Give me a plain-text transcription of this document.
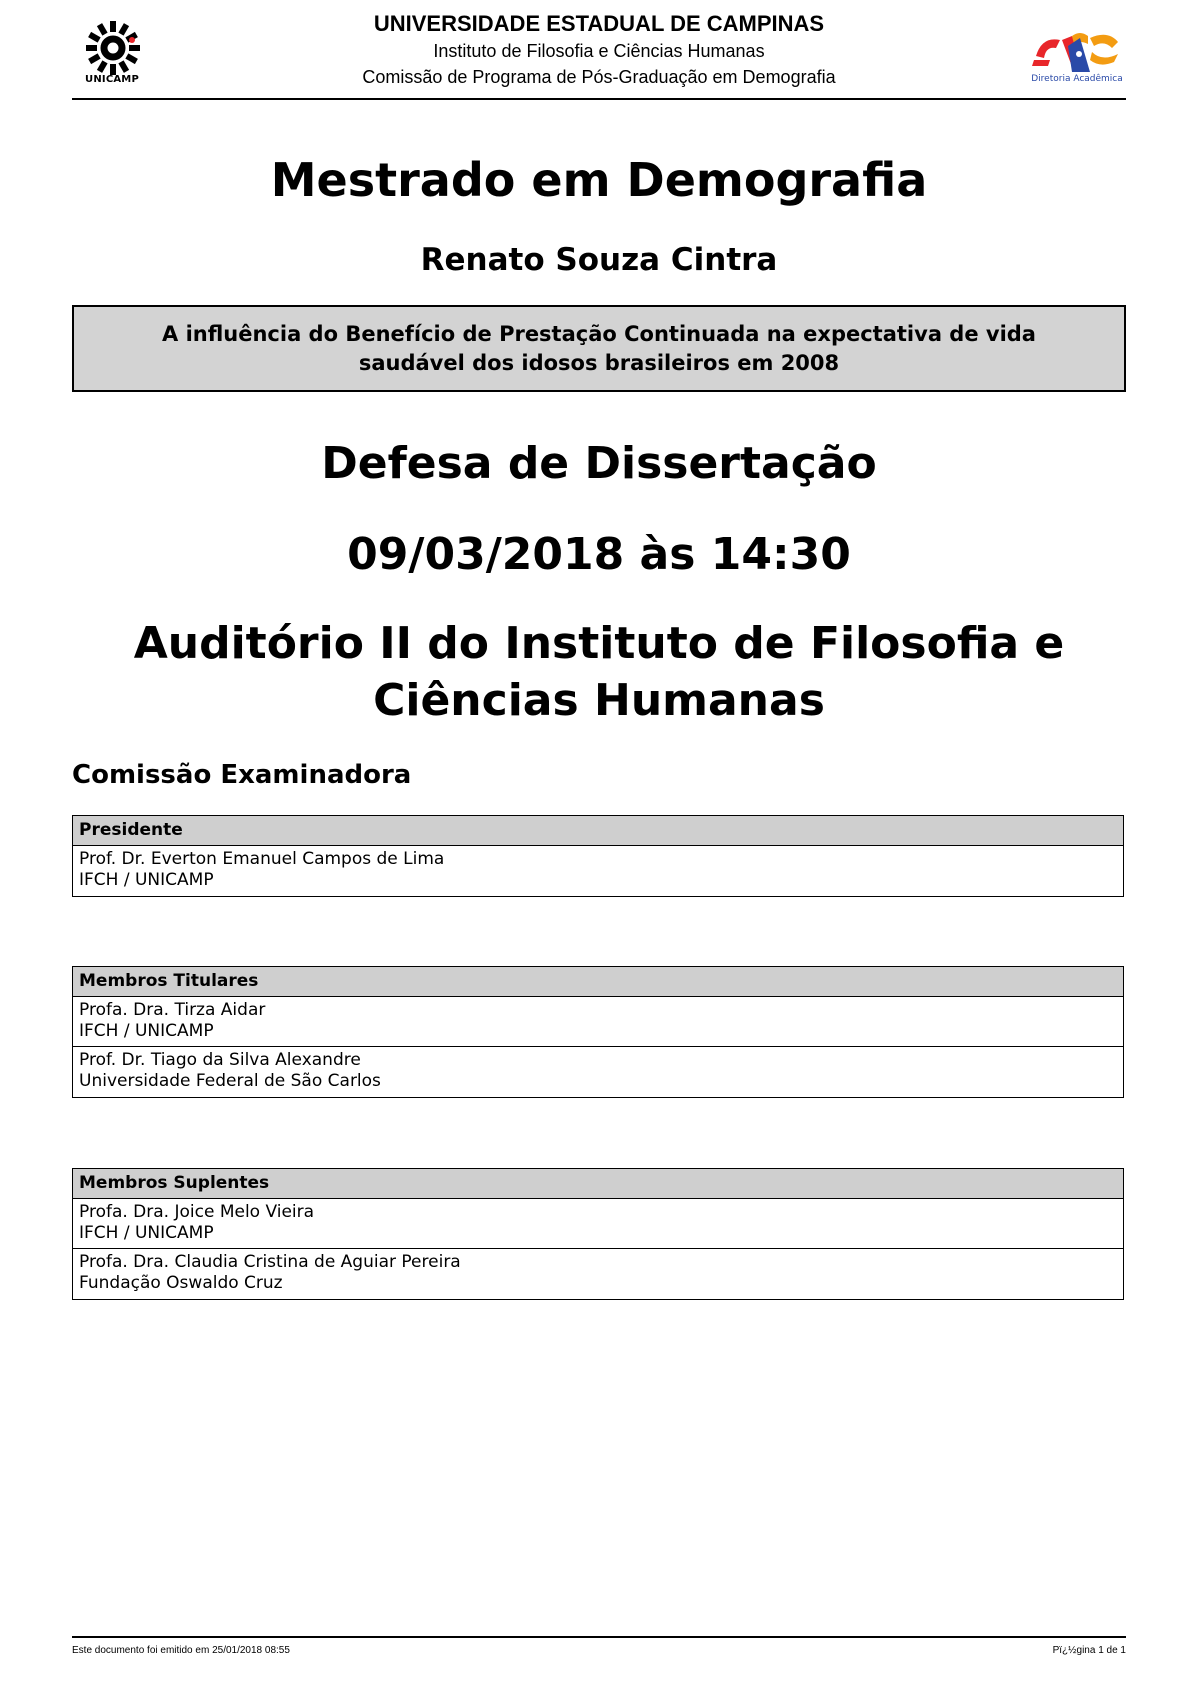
UNICAMP
UNIVERSIDADE ESTADUAL DE CAMPINAS
Instituto de Filosofia e Ciências Humanas
Comissão de Programa de Pós-Graduação em Demografia	Diretoria Acadêmica
Mestrado em Demografia
Renato Souza Cintra
A influência do Benefício de Prestação Continuada na expectativa de vida saudável dos idosos brasileiros em 2008
Defesa de Dissertação
09/03/2018 às 14:30
Auditório II do Instituto de Filosofia e Ciências Humanas
Comissão Examinadora
Presidente
Prof. Dr. Everton Emanuel Campos de Lima
IFCH / UNICAMP
Membros Titulares
Profa. Dra. Tirza Aidar
IFCH / UNICAMP
Prof. Dr. Tiago da Silva Alexandre
Universidade Federal de São Carlos
Membros Suplentes
Profa. Dra. Joice Melo Vieira
IFCH / UNICAMP
Profa. Dra. Claudia Cristina de Aguiar Pereira
Fundação Oswaldo Cruz
Este documento foi emitido em 25/01/2018 08:55	Pï¿½gina 1 de 1
